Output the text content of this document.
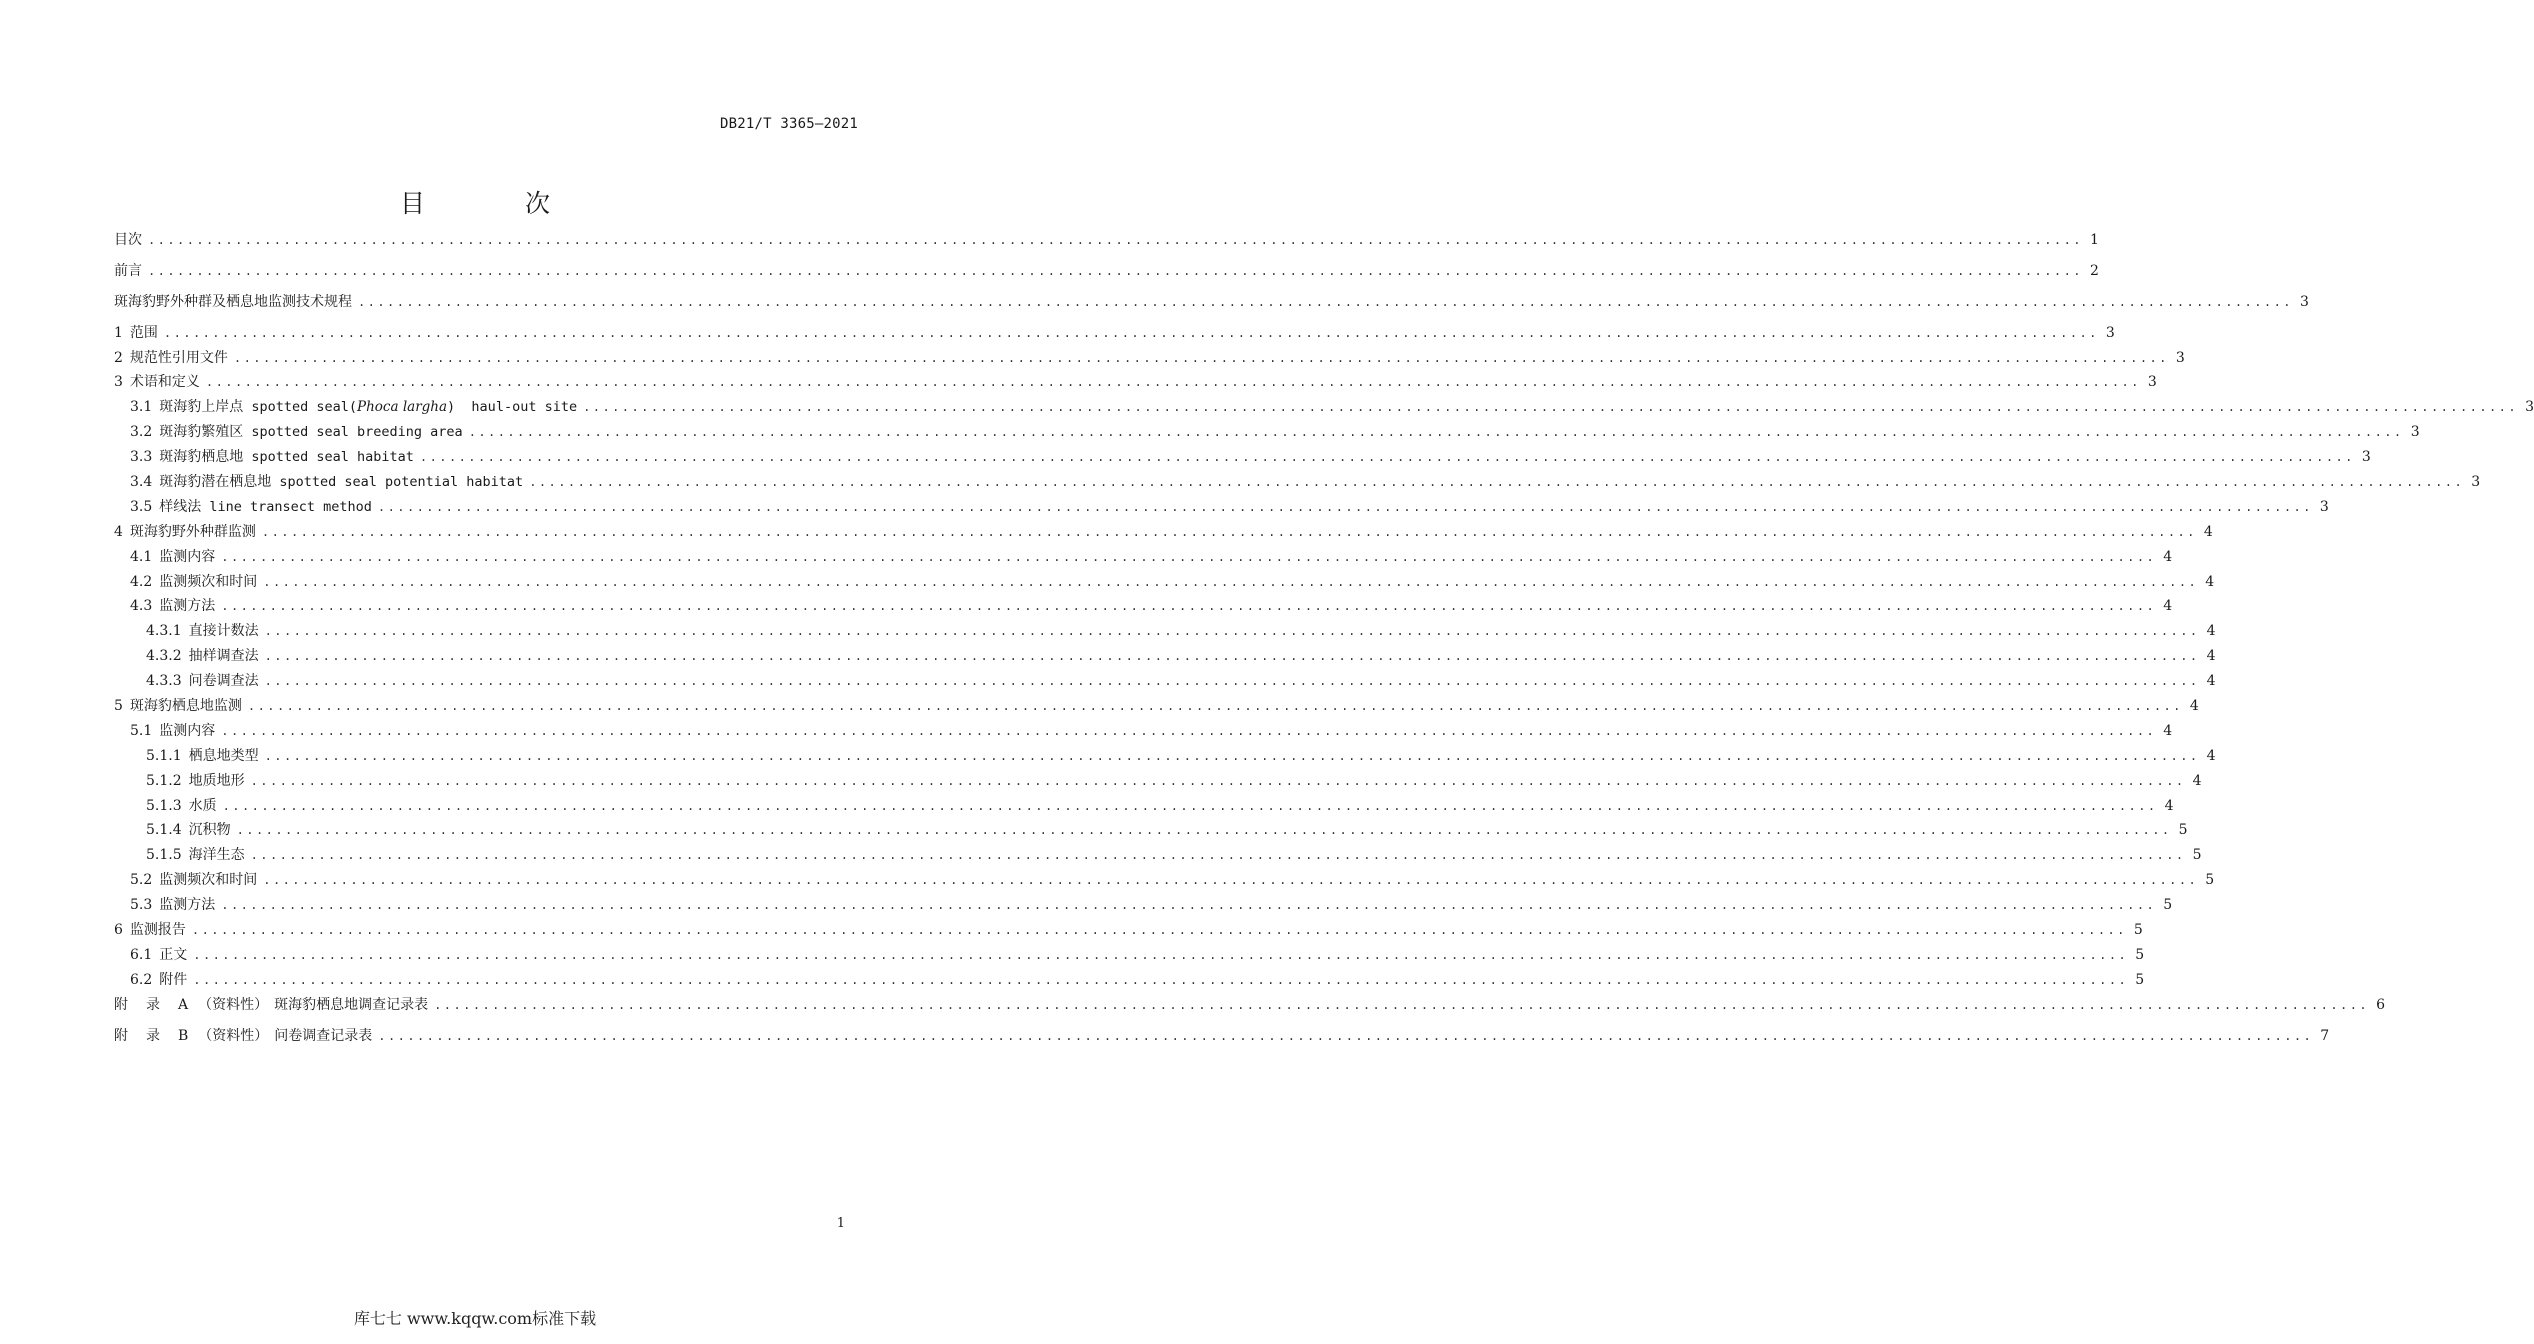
DB21/T 3365—2021
目 次
目次 ........................................................................................................................................................................................................ 1
前言 ........................................................................................................................................................................................................ 2
斑海豹野外种群及栖息地监测技术规程 ........................................................................................................................................................................................................ 3
1 范围 ........................................................................................................................................................................................................ 3
2 规范性引用文件 ........................................................................................................................................................................................................ 3
3 术语和定义 ........................................................................................................................................................................................................ 3
3.1 斑海豹上岸点 spotted seal(Phoca largha)  haul-out site ........................................................................................................................................................................................................ 3
3.2 斑海豹繁殖区 spotted seal breeding area ........................................................................................................................................................................................................ 3
3.3 斑海豹栖息地 spotted seal habitat ........................................................................................................................................................................................................ 3
3.4 斑海豹潜在栖息地 spotted seal potential habitat ........................................................................................................................................................................................................ 3
3.5 样线法 line transect method ........................................................................................................................................................................................................ 3
4 斑海豹野外种群监测 ........................................................................................................................................................................................................ 4
4.1 监测内容 ........................................................................................................................................................................................................ 4
4.2 监测频次和时间 ........................................................................................................................................................................................................ 4
4.3 监测方法 ........................................................................................................................................................................................................ 4
4.3.1 直接计数法 ........................................................................................................................................................................................................ 4
4.3.2 抽样调查法 ........................................................................................................................................................................................................ 4
4.3.3 问卷调查法 ........................................................................................................................................................................................................ 4
5 斑海豹栖息地监测 ........................................................................................................................................................................................................ 4
5.1 监测内容 ........................................................................................................................................................................................................ 4
5.1.1 栖息地类型 ........................................................................................................................................................................................................ 4
5.1.2 地质地形 ........................................................................................................................................................................................................ 4
5.1.3 水质 ........................................................................................................................................................................................................ 4
5.1.4 沉积物 ........................................................................................................................................................................................................ 5
5.1.5 海洋生态 ........................................................................................................................................................................................................ 5
5.2 监测频次和时间 ........................................................................................................................................................................................................ 5
5.3 监测方法 ........................................................................................................................................................................................................ 5
6 监测报告 ........................................................................................................................................................................................................ 5
6.1 正文 ........................................................................................................................................................................................................ 5
6.2 附件 ........................................................................................................................................................................................................ 5
附 录 A （资料性） 斑海豹栖息地调查记录表 ........................................................................................................................................................................................................ 6
附 录 B （资料性） 问卷调查记录表 ........................................................................................................................................................................................................ 7
1
库七七 www.kqqw.com标准下载
